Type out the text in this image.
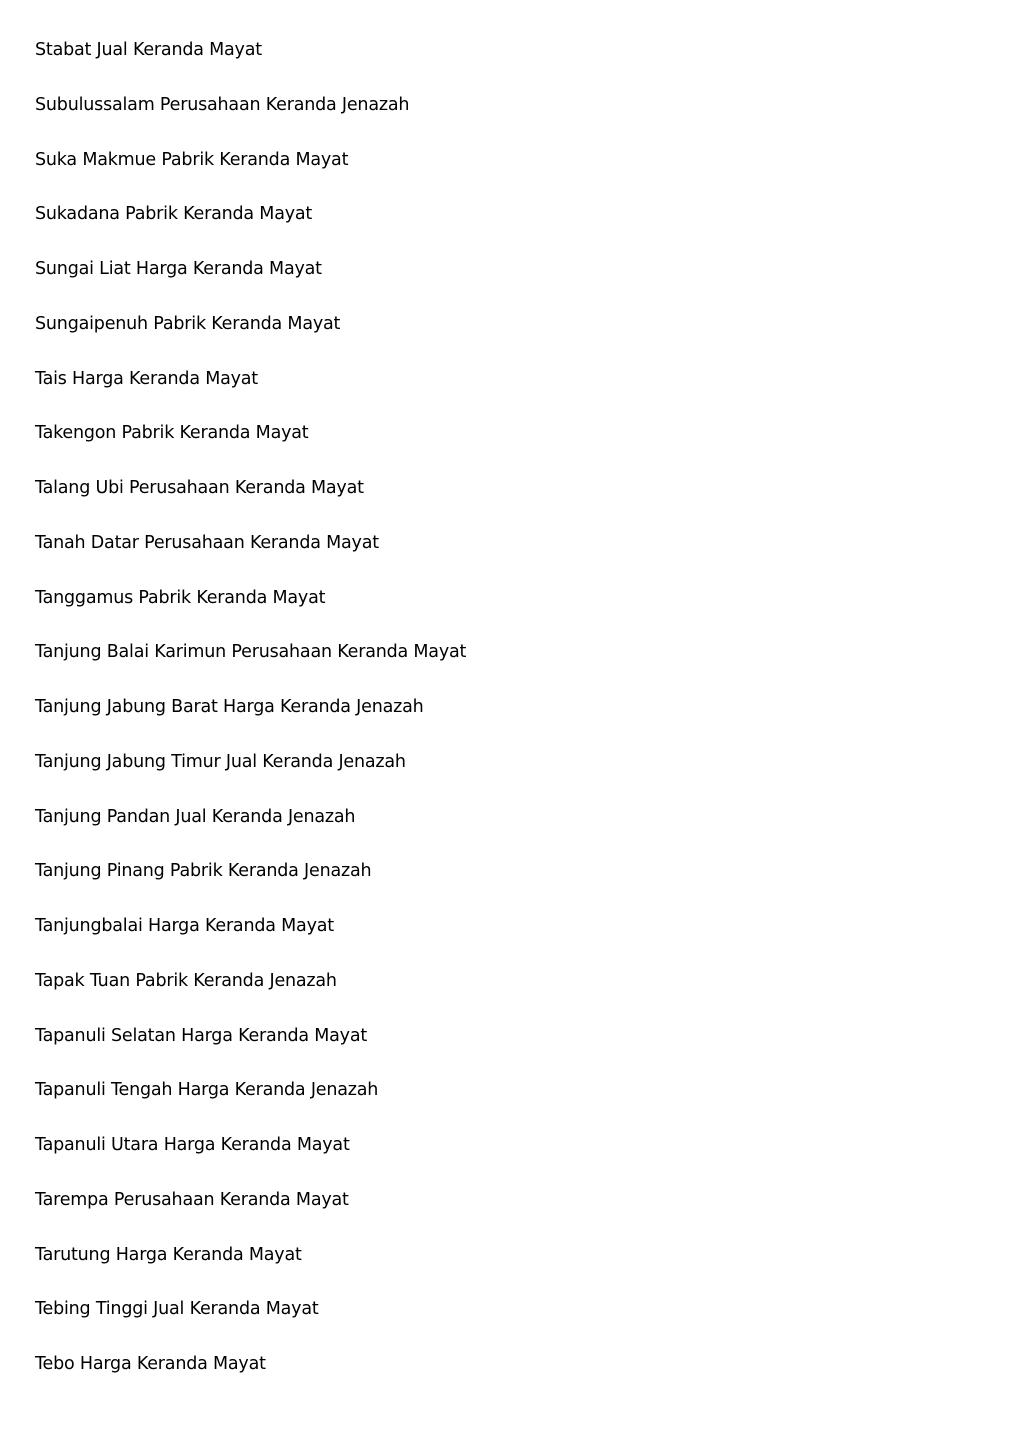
Stabat Jual Keranda Mayat
Subulussalam Perusahaan Keranda Jenazah
Suka Makmue Pabrik Keranda Mayat
Sukadana Pabrik Keranda Mayat
Sungai Liat Harga Keranda Mayat
Sungaipenuh Pabrik Keranda Mayat
Tais Harga Keranda Mayat
Takengon Pabrik Keranda Mayat
Talang Ubi Perusahaan Keranda Mayat
Tanah Datar Perusahaan Keranda Mayat
Tanggamus Pabrik Keranda Mayat
Tanjung Balai Karimun Perusahaan Keranda Mayat
Tanjung Jabung Barat Harga Keranda Jenazah
Tanjung Jabung Timur Jual Keranda Jenazah
Tanjung Pandan Jual Keranda Jenazah
Tanjung Pinang Pabrik Keranda Jenazah
Tanjungbalai Harga Keranda Mayat
Tapak Tuan Pabrik Keranda Jenazah
Tapanuli Selatan Harga Keranda Mayat
Tapanuli Tengah Harga Keranda Jenazah
Tapanuli Utara Harga Keranda Mayat
Tarempa Perusahaan Keranda Mayat
Tarutung Harga Keranda Mayat
Tebing Tinggi Jual Keranda Mayat
Tebo Harga Keranda Mayat
